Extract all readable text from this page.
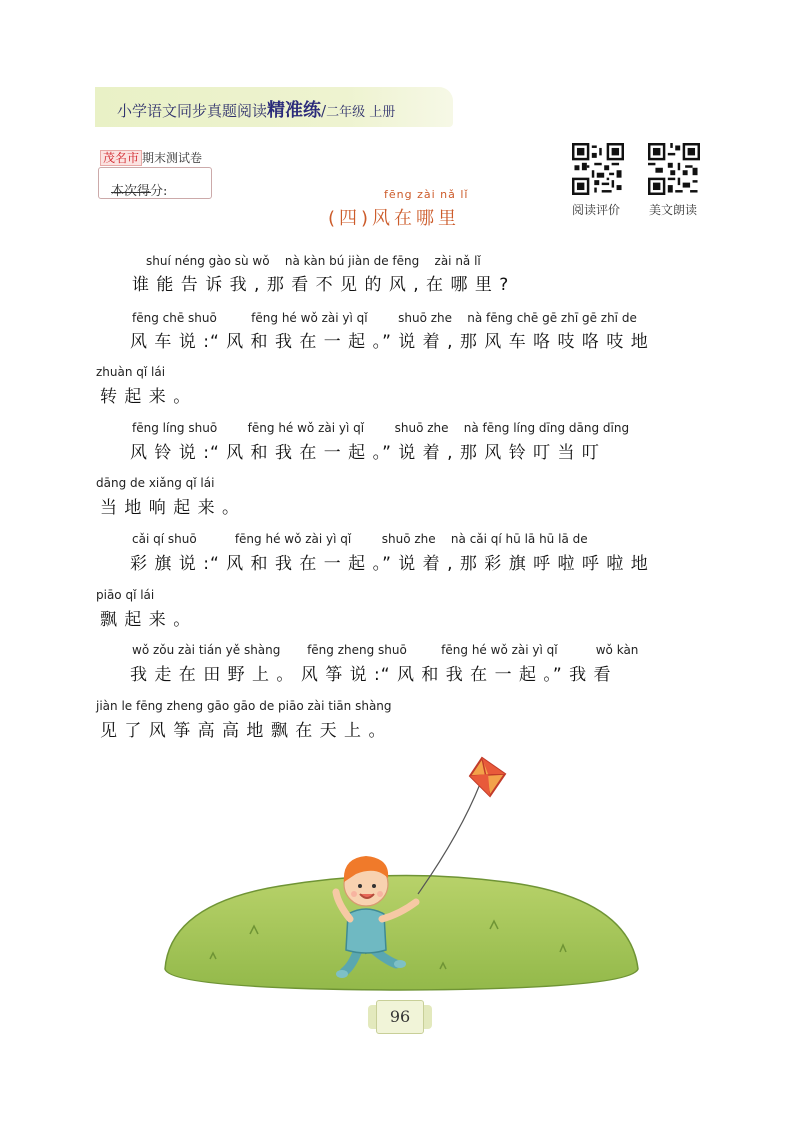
小学语文同步真题阅读精准练/二年级 上册
茂名市 期末测试卷
本次得分:
阅读评价	美文朗读
fēng zài nǎ lǐ
(四)风在哪里
shuí néng gào sù wǒ    nà kàn bú jiàn de fēng    zài nǎ lǐ
谁 能 告 诉 我 , 那 看 不 见 的 风 , 在 哪 里 ?
fēng chē shuō         fēng hé wǒ zài yì qǐ        shuō zhe    nà fēng chē gē zhī gē zhī de
风 车 说 :“ 风 和 我 在 一 起 。” 说 着 , 那 风 车 咯 吱 咯 吱 地
zhuàn qǐ lái
转 起 来 。
fēng líng shuō        fēng hé wǒ zài yì qǐ        shuō zhe    nà fēng líng dīng dāng dīng
风 铃 说 :“ 风 和 我 在 一 起 。” 说 着 , 那 风 铃 叮 当 叮
dāng de xiǎng qǐ lái
当 地 响 起 来 。
cǎi qí shuō          fēng hé wǒ zài yì qǐ        shuō zhe    nà cǎi qí hū lā hū lā de
彩 旗 说 :“ 风 和 我 在 一 起 。” 说 着 , 那 彩 旗 呼 啦 呼 啦 地
piāo qǐ lái
飘 起 来 。
wǒ zǒu zài tián yě shàng       fēng zheng shuō         fēng hé wǒ zài yì qǐ          wǒ kàn
我 走 在 田 野 上 。 风 筝 说 :“ 风 和 我 在 一 起 。” 我 看
jiàn le fēng zheng gāo gāo de piāo zài tiān shàng
见 了 风 筝 高 高 地 飘 在 天 上 。
96
